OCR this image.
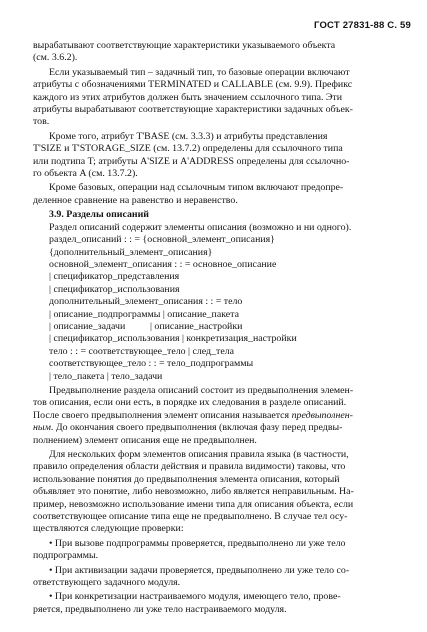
ГОСТ 27831-88 С. 59
вырабатывают соответствующие характеристики указываемого объекта
(см. 3.6.2).
Если указываемый тип – задачный тип, то базовые операции включают
атрибуты с обозначениями TERMINATED и CALLABLE (см. 9.9). Префикс
каждого из этих атрибутов должен быть значением ссылочного типа. Эти
атрибуты вырабатывают соответствующие характеристики задачных объек-
тов.
Кроме того, атрибут T'BASE (см. 3.3.3) и атрибуты представления
T'SIZE и T'STORAGE_SIZE (см. 13.7.2) определены для ссылочного типа
или подтипа T; атрибуты A'SIZE и A'ADDRESS определены для ссылочно-
го объекта A (см. 13.7.2).
Кроме базовых, операции над ссылочным типом включают предопре-
деленное сравнение на равенство и неравенство.
3.9. Разделы описаний
Раздел описаний содержит элементы описания (возможно и ни одного).
раздел_описаний : : = {основной_элемент_описания}
{дополнительный_элемент_описания}
основной_элемент_описания : : = основное_описание
| спецификатор_представления
| спецификатор_использования
дополнительный_элемент_описания : : = тело
| описание_подпрограммы | описание_пакета
| описание_задачи          | описание_настройки
| спецификатор_использования | конкретизация_настройки
тело : : = соответствующее_тело | след_тела
соответствующее_тело : : = тело_подпрограммы
| тело_пакета | тело_задачи
Предвыполнение раздела описаний состоит из предвыполнения элемен-
тов описания, если они есть, в порядке их следования в разделе описаний.
После своего предвыполнения элемент описания называется предвыполнен-
ным. До окончания своего предвыполнения (включая фазу перед предвы-
полнением) элемент описания еще не предвыполнен.
Для нескольких форм элементов описания правила языка (в частности,
правило определения области действия и правила видимости) таковы, что
использование понятия до предвыполнения элемента описания, который
объявляет это понятие, либо невозможно, либо является неправильным. На-
пример, невозможно использование имени типа для описания объекта, если
соответствующее описание типа еще не предвыполнено. В случае тел осу-
ществляются следующие проверки:
• При вызове подпрограммы проверяется, предвыполнено ли уже тело
подпрограммы.
• При активизации задачи проверяется, предвыполнено ли уже тело со-
ответствующего задачного модуля.
• При конкретизации настраиваемого модуля, имеющего тело, прове-
ряется, предвыполнено ли уже тело настраиваемого модуля.
